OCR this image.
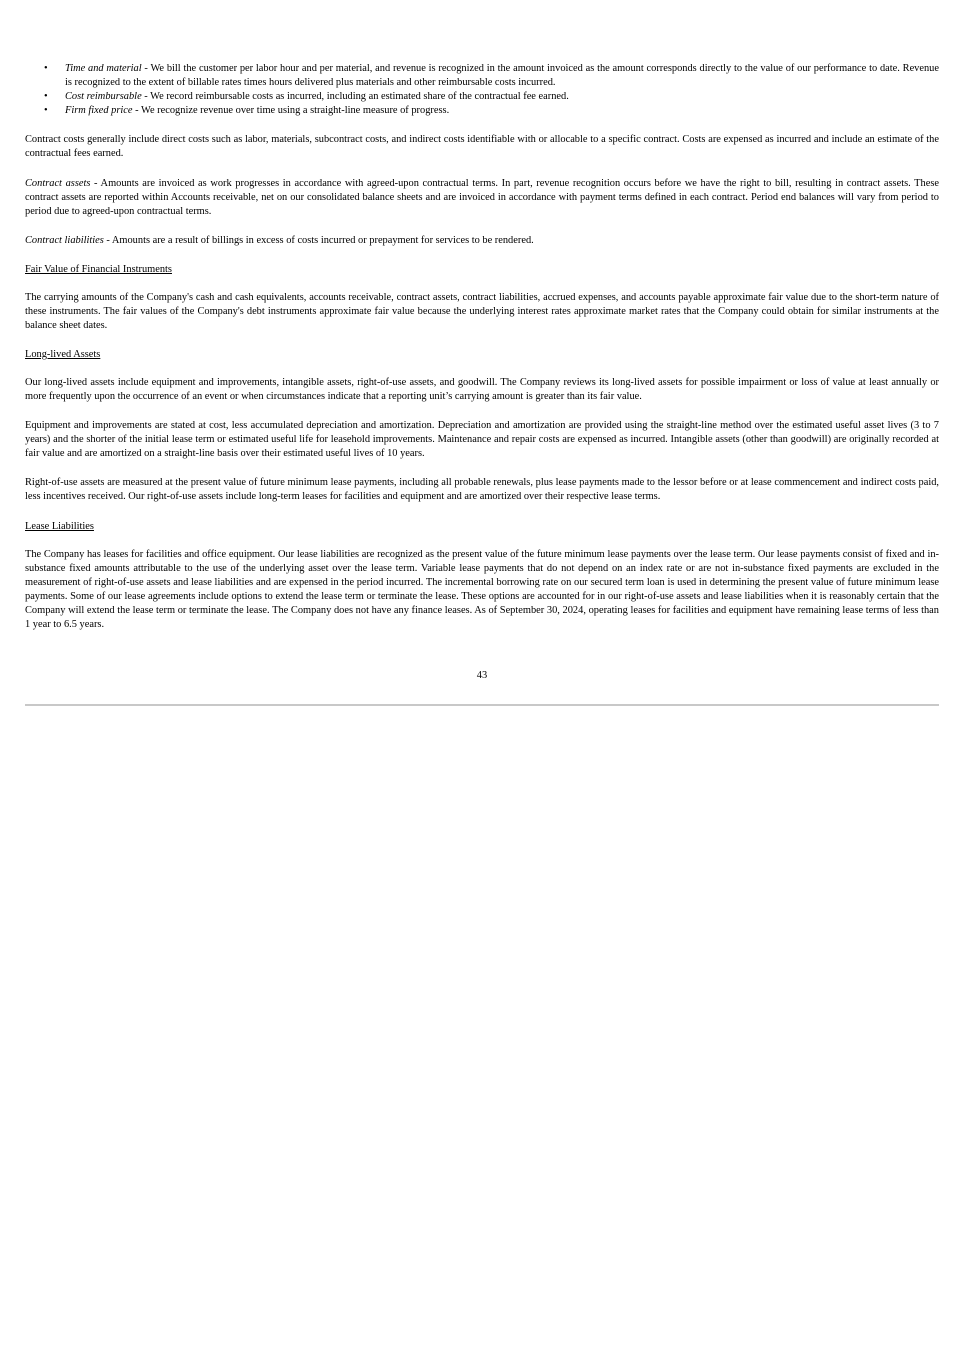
• Time and material - We bill the customer per labor hour and per material, and revenue is recognized in the amount invoiced as the amount corresponds directly to the value of our performance to date. Revenue is recognized to the extent of billable rates times hours delivered plus materials and other reimbursable costs incurred.
• Cost reimbursable - We record reimbursable costs as incurred, including an estimated share of the contractual fee earned.
• Firm fixed price - We recognize revenue over time using a straight-line measure of progress.

Contract costs generally include direct costs such as labor, materials, subcontract costs, and indirect costs identifiable with or allocable to a specific contract. Costs are expensed as incurred and include an estimate of the contractual fees earned.

Contract assets - Amounts are invoiced as work progresses in accordance with agreed-upon contractual terms. In part, revenue recognition occurs before we have the right to bill, resulting in contract assets. These contract assets are reported within Accounts receivable, net on our consolidated balance sheets and are invoiced in accordance with payment terms defined in each contract. Period end balances will vary from period to period due to agreed-upon contractual terms.

Contract liabilities - Amounts are a result of billings in excess of costs incurred or prepayment for services to be rendered.

Fair Value of Financial Instruments

The carrying amounts of the Company's cash and cash equivalents, accounts receivable, contract assets, contract liabilities, accrued expenses, and accounts payable approximate fair value due to the short-term nature of these instruments. The fair values of the Company's debt instruments approximate fair value because the underlying interest rates approximate market rates that the Company could obtain for similar instruments at the balance sheet dates.

Long-lived Assets

Our long-lived assets include equipment and improvements, intangible assets, right-of-use assets, and goodwill. The Company reviews its long-lived assets for possible impairment or loss of value at least annually or more frequently upon the occurrence of an event or when circumstances indicate that a reporting unit’s carrying amount is greater than its fair value.

Equipment and improvements are stated at cost, less accumulated depreciation and amortization. Depreciation and amortization are provided using the straight-line method over the estimated useful asset lives (3 to 7 years) and the shorter of the initial lease term or estimated useful life for leasehold improvements. Maintenance and repair costs are expensed as incurred. Intangible assets (other than goodwill) are originally recorded at fair value and are amortized on a straight-line basis over their estimated useful lives of 10 years.

Right-of-use assets are measured at the present value of future minimum lease payments, including all probable renewals, plus lease payments made to the lessor before or at lease commencement and indirect costs paid, less incentives received. Our right-of-use assets include long-term leases for facilities and equipment and are amortized over their respective lease terms.

Lease Liabilities

The Company has leases for facilities and office equipment. Our lease liabilities are recognized as the present value of the future minimum lease payments over the lease term. Our lease payments consist of fixed and in-substance fixed amounts attributable to the use of the underlying asset over the lease term. Variable lease payments that do not depend on an index rate or are not in-substance fixed payments are excluded in the measurement of right-of-use assets and lease liabilities and are expensed in the period incurred. The incremental borrowing rate on our secured term loan is used in determining the present value of future minimum lease payments. Some of our lease agreements include options to extend the lease term or terminate the lease. These options are accounted for in our right-of-use assets and lease liabilities when it is reasonably certain that the Company will extend the lease term or terminate the lease. The Company does not have any finance leases. As of September 30, 2024, operating leases for facilities and equipment have remaining lease terms of less than 1 year to 6.5 years.

43
